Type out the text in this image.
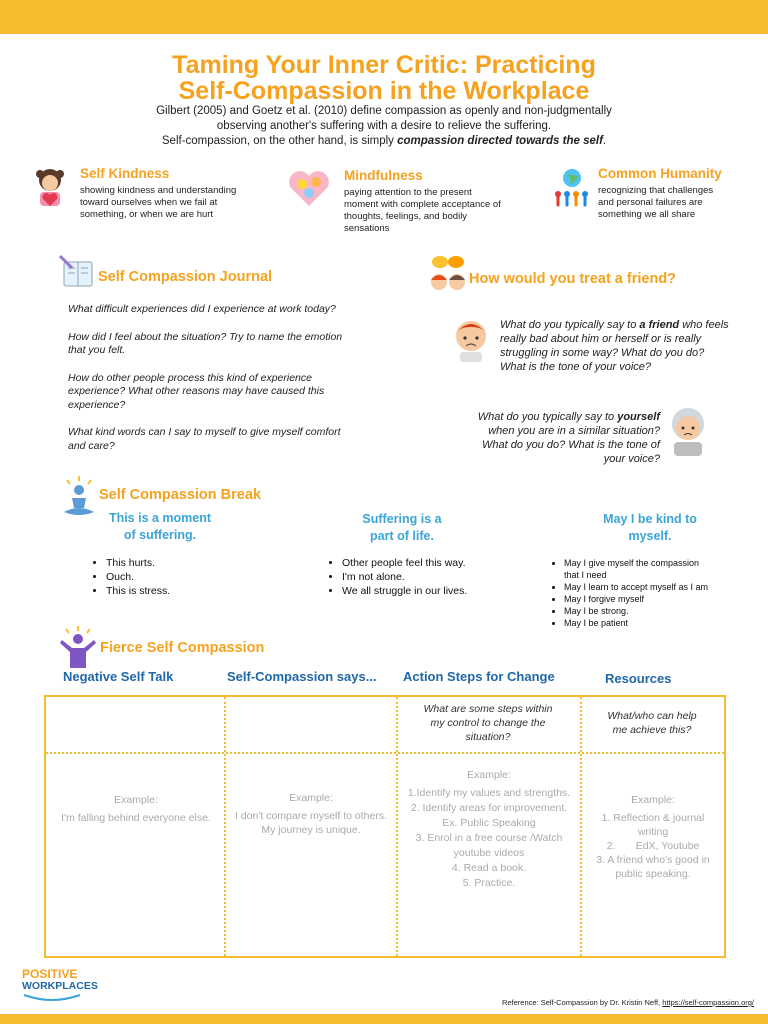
Taming Your Inner Critic: Practicing
Self-Compassion in the Workplace
Gilbert (2005) and Goetz et al. (2010) define compassion as openly and non-judgmentally
observing another's suffering with a desire to relieve the suffering.
Self-compassion, on the other hand, is simply compassion directed towards the self.
Self Kindness

showing kindness and understanding toward ourselves when we fail at something, or when we are hurt

Mindfulness

paying attention to the present moment with complete acceptance of thoughts, feelings, and bodily sensations

Common Humanity

recognizing that challenges and personal failures are something we all share

Self Compassion Journal

What difficult experiences did I experience at work today?

How did I feel about the situation? Try to name the emotion that you felt.

How do other people process this kind of experience experience? What other reasons may have caused this experience?

What kind words can I say to myself to give myself comfort and care?

How would you treat a friend?
What do you typically say to a friend who feels really bad about him or herself or is really struggling in some way? What do you do? What is the tone of your voice?
What do you typically say to yourself when you are in a similar situation? What do you do? What is the tone of your voice?
Self Compassion Break
This is a moment
of suffering.
Suffering is a
part of life.
May I be kind to
myself.
• This hurts.
• Ouch.
• This is stress.
• Other people feel this way.
• I'm not alone.
• We all struggle in our lives.
• May I give myself the compassion that I need
• May I learn to accept myself as I am
• May I forgive myself
• May I be strong.
• May I be patient
Fierce Self Compassion
Negative Self Talk	Self-Compassion says... Action Steps for Change	Resources
What are some steps within my control to change the situation?
What/who can help me achieve this?
Example:
I'm falling behind everyone else.
Example:
I don't compare myself to others. My journey is unique.
Example:
1.Identify my values and strengths.
2. Identify areas for improvement. Ex. Public Speaking
3. Enrol in a free course /Watch youtube videos
4. Read a book.
5. Practice.
Example:
1. Reflection & journal writing
2.       EdX, Youtube
3. A friend who's good in public speaking.
POSITIVE
WORKPLACES
Reference: Self-Compassion by Dr. Kristin Neff, https://self-compassion.org/
